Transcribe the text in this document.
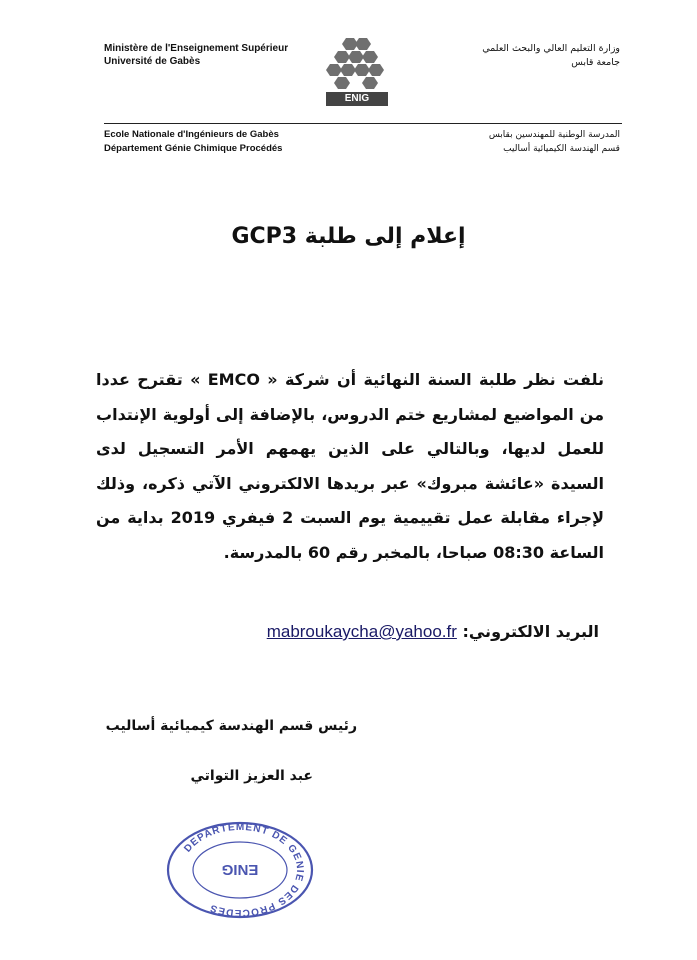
Ministère de l'Enseignement Supérieur
Université de Gabès
ENIG
وزارة التعليم العالي والبحث العلمي
جامعة قابس
Ecole Nationale d'Ingénieurs de Gabès
Département Génie Chimique Procédés
المدرسة الوطنية للمهندسين بقابس
قسم الهندسة الكيميائية أساليب
إعلام إلى طلبة GCP3

نلفت نظر طلبة السنة النهائية أن شركة « EMCO » تقترح عددا من المواضيع لمشاريع ختم الدروس، بالإضافة إلى أولوية الإنتداب للعمل لديها، وبالتالي على الذين يهمهم الأمر التسجيل لدى السيدة «عائشة مبروك» عبر بريدها الالكتروني الآتي ذكره، وذلك لإجراء مقابلة عمل تقييمية يوم السبت 2 فيفري 2019 بداية من الساعة 08:30 صباحا، بالمخبر رقم 60 بالمدرسة.

البريد الالكتروني: mabroukaycha@yahoo.fr
رئيس قسم الهندسة كيميائية أساليب
عبد العزيز التواتي
DEPARTEMENT DE GENIE DES PROCEDES
ENIG
